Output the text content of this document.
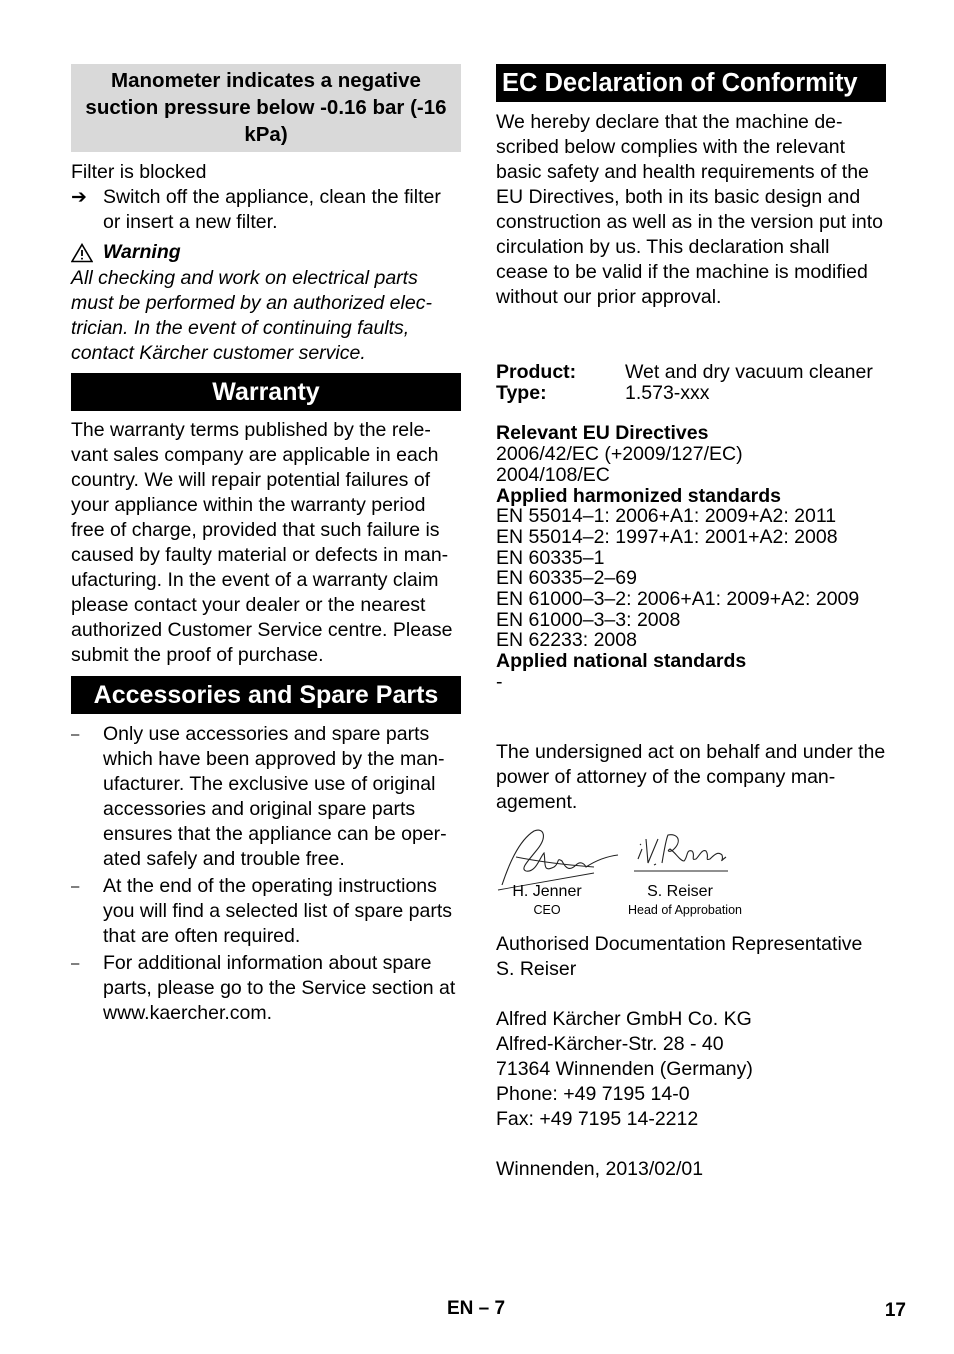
Manometer indicates a negative suction pressure below -0.16 bar (-16 kPa)

Filter is blocked

➔ Switch off the appliance, clean the filter or insert a new filter.

Warning

All checking and work on electrical parts must be performed by an authorized elec-trician. In the event of continuing faults, contact Kärcher customer service.

Warranty

The warranty terms published by the rele-vant sales company are applicable in each country. We will repair potential failures of your appliance within the warranty period free of charge, provided that such failure is caused by faulty material or defects in man-ufacturing. In the event of a warranty claim please contact your dealer or the nearest authorized Customer Service centre. Please submit the proof of purchase.

Accessories and Spare Parts
– Only use accessories and spare parts which have been approved by the man-ufacturer. The exclusive use of original accessories and original spare parts ensures that the appliance can be oper-ated safely and trouble free.
– At the end of the operating instructions you will find a selected list of spare parts that are often required.
– For additional information about spare parts, please go to the Service section at www.kaercher.com.
EC Declaration of Conformity

We hereby declare that the machine de-scribed below complies with the relevant basic safety and health requirements of the EU Directives, both in its basic design and construction as well as in the version put into circulation by us. This declaration shall cease to be valid if the machine is modified without our prior approval.

Product:	Wet and dry vacuum cleaner
Type:	1.573-xxx
Relevant EU Directives
2006/42/EC (+2009/127/EC)
2004/108/EC
Applied harmonized standards
EN 55014–1: 2006+A1: 2009+A2: 2011
EN 55014–2: 1997+A1: 2001+A2: 2008
EN 60335–1
EN 60335–2–69
EN 61000–3–2: 2006+A1: 2009+A2: 2009
EN 61000–3–3: 2008
EN 62233: 2008
Applied national standards
-

The undersigned act on behalf and under the power of attorney of the company man-agement.

H. Jenner
CEO
S. Reiser
Head of Approbation
Authorised Documentation Representative
S. Reiser
Alfred Kärcher GmbH Co. KG
Alfred-Kärcher-Str. 28 - 40
71364 Winnenden (Germany)
Phone: +49 7195 14-0
Fax: +49 7195 14-2212
Winnenden, 2013/02/01
EN – 7	17
